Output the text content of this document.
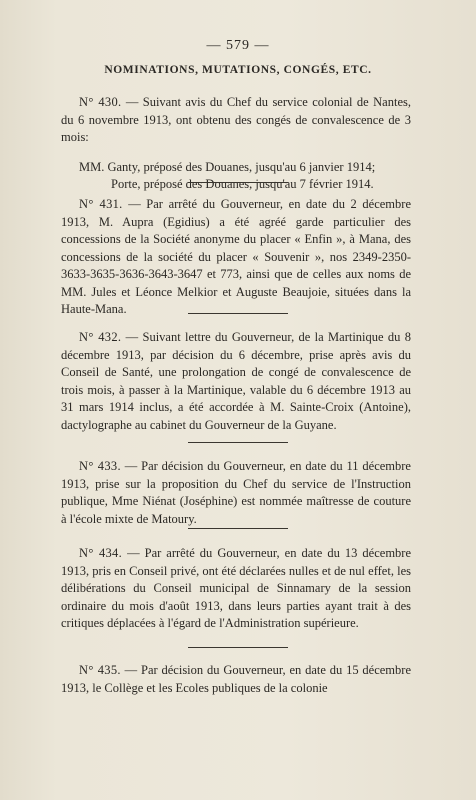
— 579 —
NOMINATIONS, MUTATIONS, CONGÉS, ETC.

N° 430. — Suivant avis du Chef du service colonial de Nantes, du 6 novembre 1913, ont obtenu des congés de convalescence de 3 mois:

MM. Ganty, préposé des Douanes, jusqu'au 6 janvier 1914;
Porte, préposé des Douanes, jusqu'au 7 février 1914.

N° 431. — Par arrêté du Gouverneur, en date du 2 décembre 1913, M. Aupra (Egidius) a été agréé garde particulier des concessions de la Société anonyme du placer « Enfin », à Mana, des concessions de la société du placer « Souvenir », nos 2349-2350-3633-3635-3636-3643-3647 et 773, ainsi que de celles aux noms de MM. Jules et Léonce Melkior et Auguste Beaujoie, situées dans la Haute-Mana.

N° 432. — Suivant lettre du Gouverneur, de la Martinique du 8 décembre 1913, par décision du 6 décembre, prise après avis du Conseil de Santé, une prolongation de congé de convalescence de trois mois, à passer à la Martinique, valable du 6 décembre 1913 au 31 mars 1914 inclus, a été accordée à M. Sainte-Croix (Antoine), dactylographe au cabinet du Gouverneur de la Guyane.

N° 433. — Par décision du Gouverneur, en date du 11 décembre 1913, prise sur la proposition du Chef du service de l'Instruction publique, Mme Niénat (Joséphine) est nommée maîtresse de couture à l'école mixte de Matoury.

N° 434. — Par arrêté du Gouverneur, en date du 13 décembre 1913, pris en Conseil privé, ont été déclarées nulles et de nul effet, les délibérations du Conseil municipal de Sinnamary de la session ordinaire du mois d'août 1913, dans leurs parties ayant trait à des critiques déplacées à l'égard de l'Administration supérieure.

N° 435. — Par décision du Gouverneur, en date du 15 décembre 1913, le Collège et les Ecoles publiques de la colonie
